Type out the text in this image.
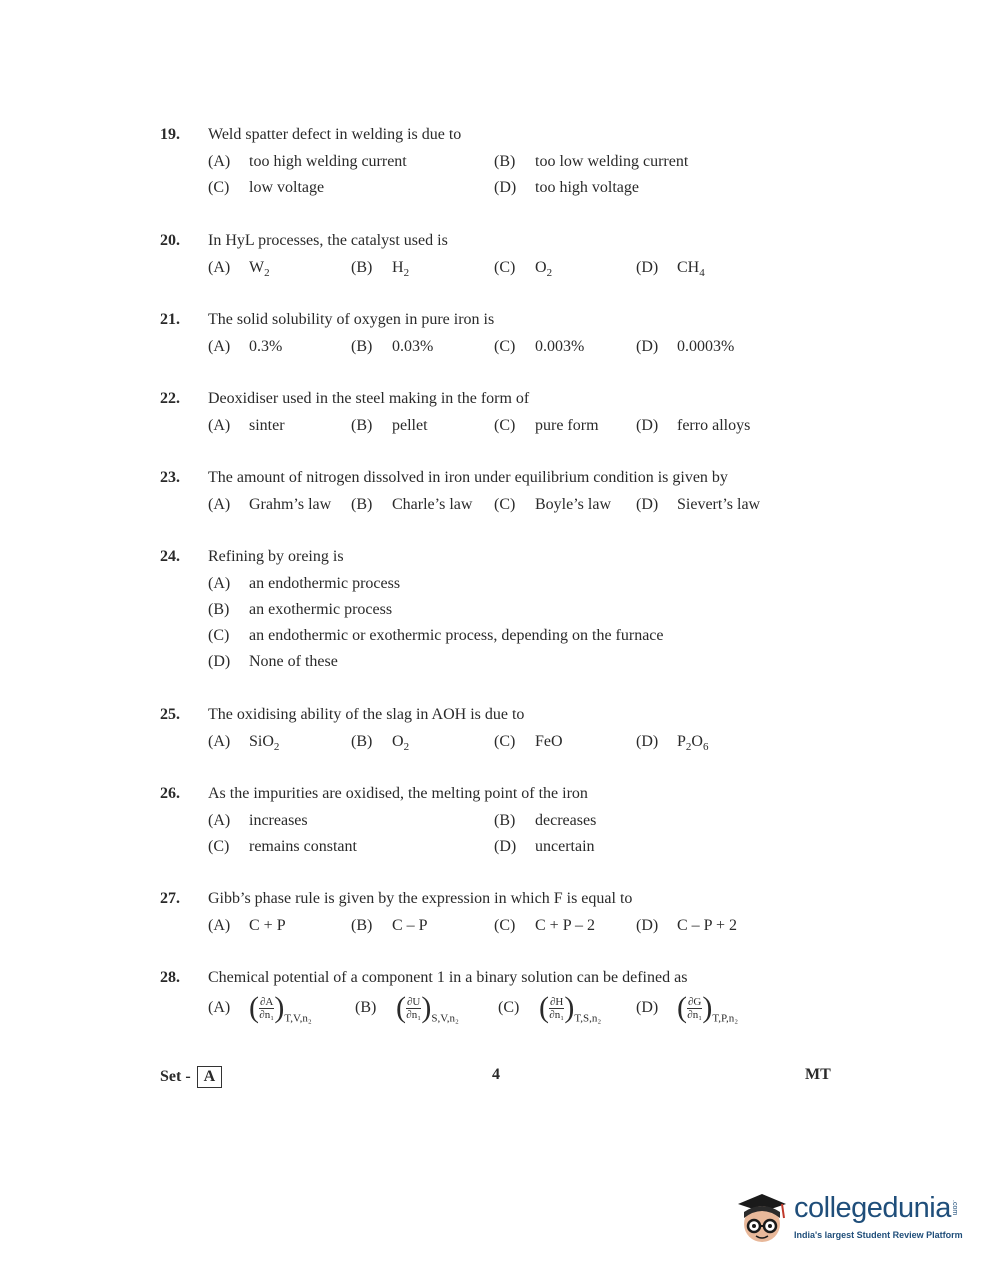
19. Weld spatter defect in welding is due to
(A) too high welding current	(B) too low welding current
(C) low voltage	(D) too high voltage
20. In HyL processes, the catalyst used is
(A) $W_2$	(B) $H_2$	(C) $O_2$	(D) $CH_4$
21. The solid solubility of oxygen in pure iron is
(A) 0.3%	(B) 0.03%	(C) 0.003%	(D) 0.0003%
22. Deoxidiser used in the steel making in the form of
(A) sinter	(B) pellet	(C) pure form (D) ferro alloys
23. The amount of nitrogen dissolved in iron under equilibrium condition is given by
(A) Grahm’s law (B) Charle’s law (C) Boyle’s law (D) Sievert’s law
24. Refining by oreing is
(A) an endothermic process
(B) an exothermic process
(C) an endothermic or exothermic process, depending on the furnace
(D) None of these
25. The oxidising ability of the slag in AOH is due to
(A) SiO$_2$	(B) $O_2$	(C) FeO	(D) $P_2O_6$
26. As the impurities are oxidised, the melting point of the iron
(A) increases	(B) decreases
(C) remains constant	(D) uncertain
27. Gibb’s phase rule is given by the expression in which F is equal to
(A) C + P	(B) C – P	(C) C + P – 2	(D) C – P + 2
28. Chemical potential of a component 1 in a binary solution can be defined as
(A) ( $\frac{\partial A}{\text{∂n₁}} )_{T,V,n_2}$
(B) ( $\frac{\partial U}{\text{∂n₁}} )_{S,V,n_2}$
(C) ( $\frac{\partial H}{\text{∂n₁}} )_{T,S,n_2}$
(D) ( $\frac{\partial G}{\text{∂n₁}} )_{T,P,n_2}$
Set - A	4	MT
collegedunia .com
India's largest Student Review Platform
